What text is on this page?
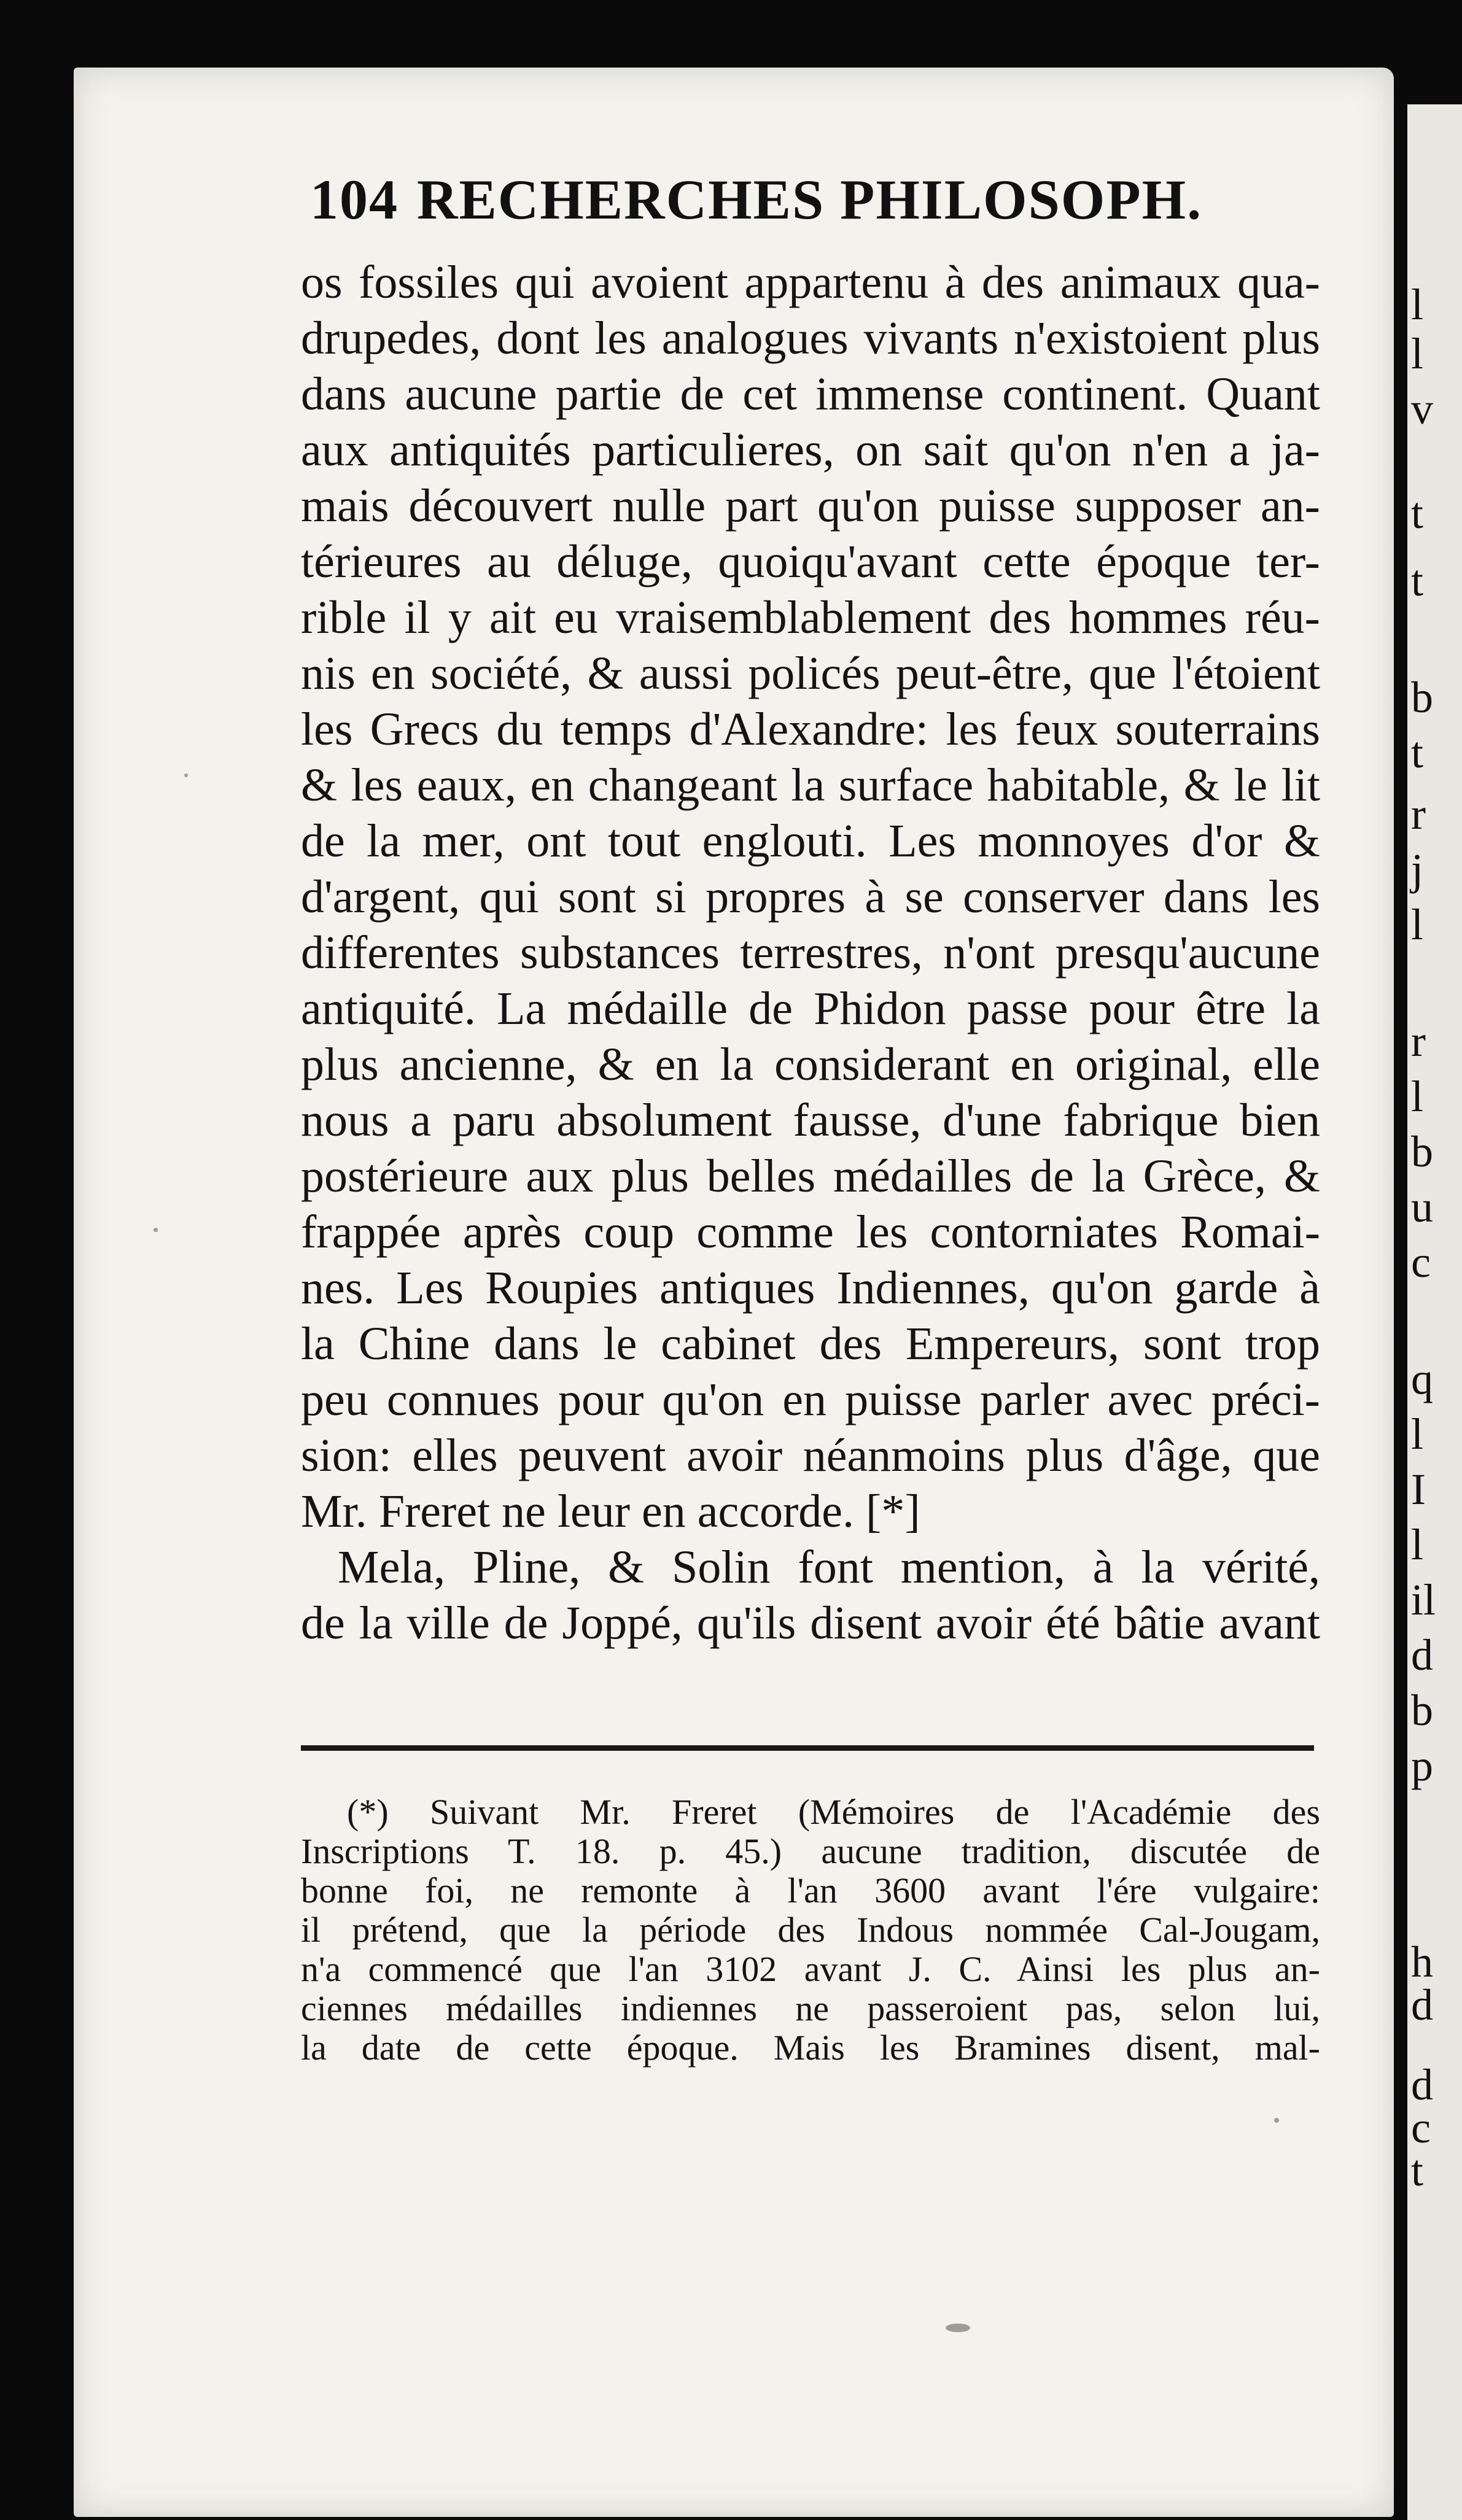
l
l
v
t
t
b
t
r
j
l
r
l
b
u
c
q
l
I
l
il
d
b
p
h
d
d
c
t
104 RECHERCHES PHILOSOPH.
os fossiles qui avoient appartenu à des animaux qua-
drupedes, dont les analogues vivants n'existoient plus
dans aucune partie de cet immense continent. Quant
aux antiquités particulieres, on sait qu'on n'en a ja-
mais découvert nulle part qu'on puisse supposer an-
térieures au déluge, quoiqu'avant cette époque ter-
rible il y ait eu vraisemblablement des hommes réu-
nis en société, & aussi policés peut-être, que l'étoient
les Grecs du temps d'Alexandre: les feux souterrains
& les eaux, en changeant la surface habitable, & le lit
de la mer, ont tout englouti. Les monnoyes d'or &
d'argent, qui sont si propres à se conserver dans les
differentes substances terrestres, n'ont presqu'aucune
antiquité. La médaille de Phidon passe pour être la
plus ancienne, & en la considerant en original, elle
nous a paru absolument fausse, d'une fabrique bien
postérieure aux plus belles médailles de la Grèce, &
frappée après coup comme les contorniates Romai-
nes. Les Roupies antiques Indiennes, qu'on garde à
la Chine dans le cabinet des Empereurs, sont trop
peu connues pour qu'on en puisse parler avec préci-
sion: elles peuvent avoir néanmoins plus d'âge, que
Mr. Freret ne leur en accorde. [*]
Mela, Pline, & Solin font mention, à la vérité,
de la ville de Joppé, qu'ils disent avoir été bâtie avant
(*) Suivant Mr. Freret (Mémoires de l'Académie des
Inscriptions T. 18. p. 45.) aucune tradition, discutée de
bonne foi, ne remonte à l'an 3600 avant l'ére vulgaire:
il prétend, que la période des Indous nommée Cal-Jougam,
n'a commencé que l'an 3102 avant J. C. Ainsi les plus an-
ciennes médailles indiennes ne passeroient pas, selon lui,
la date de cette époque. Mais les Bramines disent, mal-
